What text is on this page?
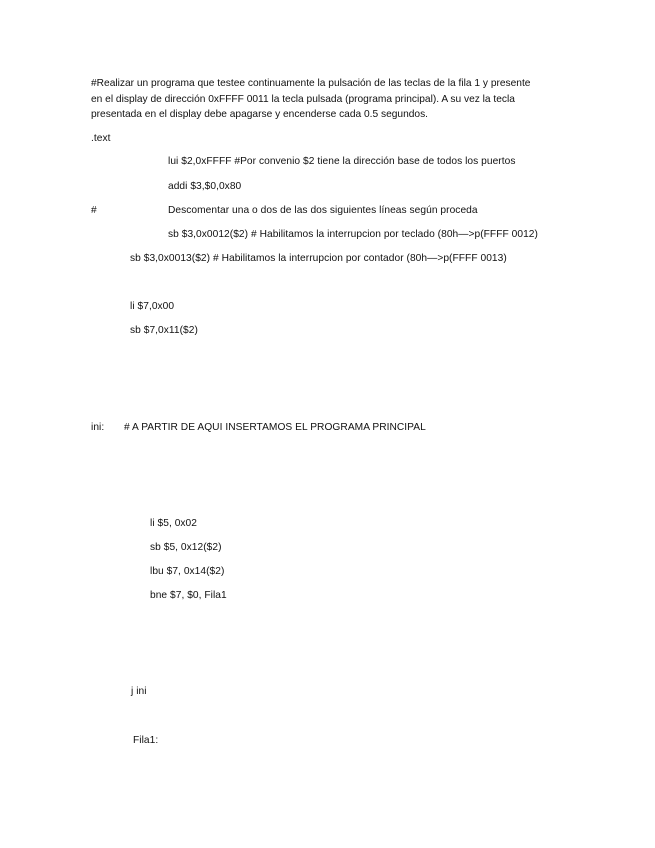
#Realizar un programa que testee continuamente la pulsación de las teclas de la fila 1 y presente
en el display de dirección 0xFFFF 0011 la tecla pulsada (programa principal). A su vez la tecla
presentada en el display debe apagarse y encenderse cada 0.5 segundos.
.text
lui $2,0xFFFF #Por convenio $2 tiene la dirección base de todos los puertos
addi $3,$0,0x80
#	Descomentar una o dos de las dos siguientes líneas según proceda
sb $3,0x0012($2) # Habilitamos la interrupcion por teclado (80h—>p(FFFF 0012)
sb $3,0x0013($2) # Habilitamos la interrupcion por contador (80h—>p(FFFF 0013)
li $7,0x00
sb $7,0x11($2)
ini: # A PARTIR DE AQUI INSERTAMOS EL PROGRAMA PRINCIPAL
li $5, 0x02
sb $5, 0x12($2)
lbu $7, 0x14($2)
bne $7, $0, Fila1
j ini
Fila1:
